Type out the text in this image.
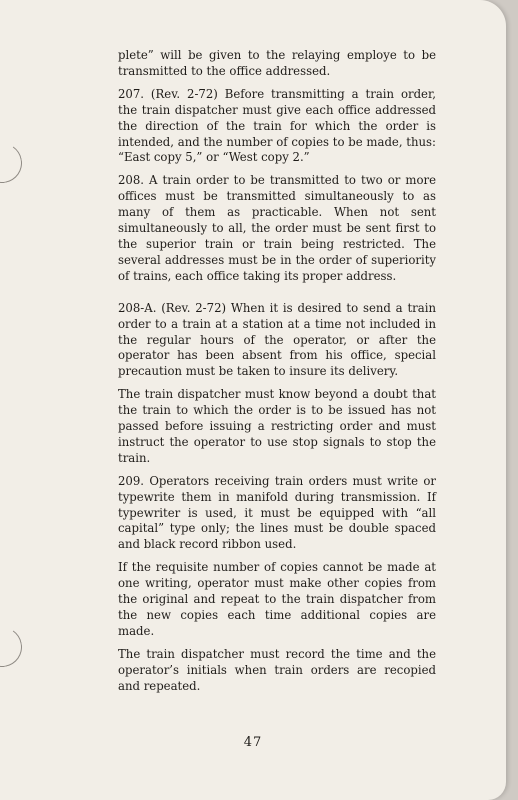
plete” will be given to the relaying employe to be transmitted to the office addressed.

207. (Rev. 2-72) Before transmitting a train order, the train dispatcher must give each office addressed the direction of the train for which the order is intended, and the number of copies to be made, thus: “East copy 5,” or “West copy 2.”

208. A train order to be transmitted to two or more offices must be transmitted simultaneously to as many of them as practicable. When not sent simultaneously to all, the order must be sent first to the superior train or train being restricted. The several addresses must be in the order of superiority of trains, each office taking its proper address.

208-A. (Rev. 2-72) When it is desired to send a train order to a train at a station at a time not included in the regular hours of the operator, or after the operator has been absent from his office, special precaution must be taken to insure its delivery.

The train dispatcher must know beyond a doubt that the train to which the order is to be issued has not passed before issuing a restricting order and must instruct the operator to use stop signals to stop the train.

209. Operators receiving train orders must write or typewrite them in manifold during transmission. If typewriter is used, it must be equipped with “all capital” type only; the lines must be double spaced and black record ribbon used.

If the requisite number of copies cannot be made at one writing, operator must make other copies from the original and repeat to the train dispatcher from the new copies each time additional copies are made.

The train dispatcher must record the time and the operator’s initials when train orders are recopied and repeated.

47
